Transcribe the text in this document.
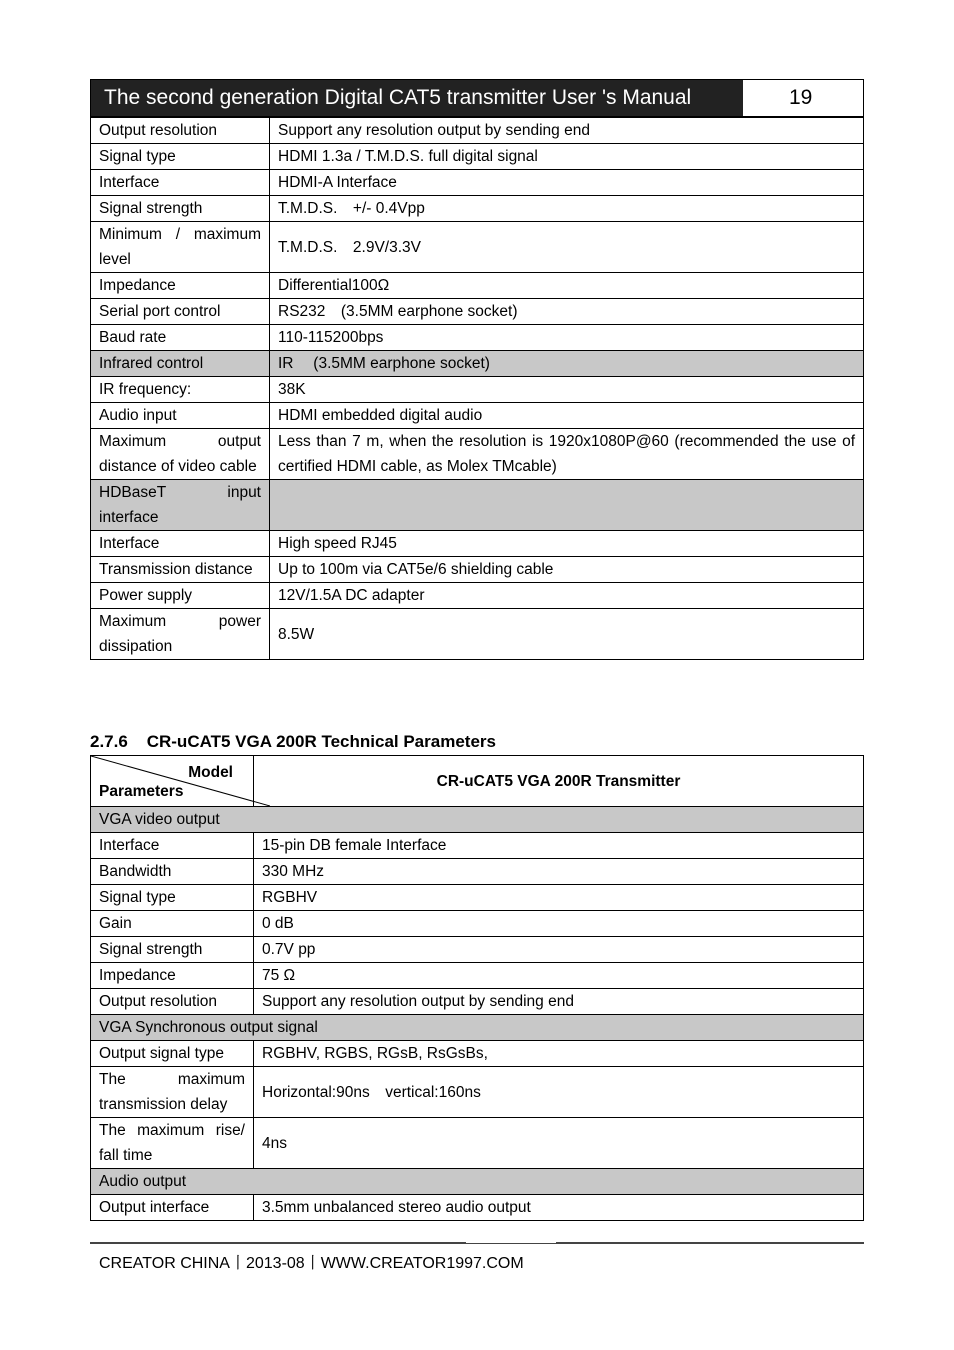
The second generation Digital CAT5 transmitter User 's Manual	19
Output resolution	Support any resolution output by sending end
Signal type	HDMI 1.3a / T.M.D.S. full digital signal
Interface	HDMI-A Interface
Signal strength	T.M.D.S.　+/- 0.4Vpp
Minimum / maximum level	T.M.D.S.　2.9V/3.3V
Impedance	Differential100Ω
Serial port control	RS232　(3.5MM earphone socket)
Baud rate	110-115200bps
Infrared control	IR　 (3.5MM earphone socket)
IR frequency:	38K
Audio input	HDMI embedded digital audio
Maximum output distance of video cable	Less than 7 m, when the resolution is 1920x1080P@60 (recommended the use of certified HDMI cable, as Molex TMcable)
HDBaseT input interface	
Interface	High speed RJ45
Transmission distance	Up to 100m via CAT5e/6 shielding cable
Power supply	12V/1.5A DC adapter
Maximum power dissipation	8.5W
2.7.6 CR-uCAT5 VGA 200R Technical Parameters
Model
Parameters	CR-uCAT5 VGA 200R Transmitter
VGA video output	
Interface	15-pin DB female Interface
Bandwidth	330 MHz
Signal type	RGBHV
Gain	0 dB
Signal strength	0.7V pp
Impedance	75 Ω
Output resolution	Support any resolution output by sending end
VGA Synchronous output signal	
Output signal type	RGBHV, RGBS, RGsB, RsGsBs,
The maximum transmission delay	Horizontal:90ns　vertical:160ns
The maximum rise/ fall time	4ns
Audio output	
Output interface	3.5mm unbalanced stereo audio output
CREATOR CHINA丨2013-08丨WWW.CREATOR1997.COM
